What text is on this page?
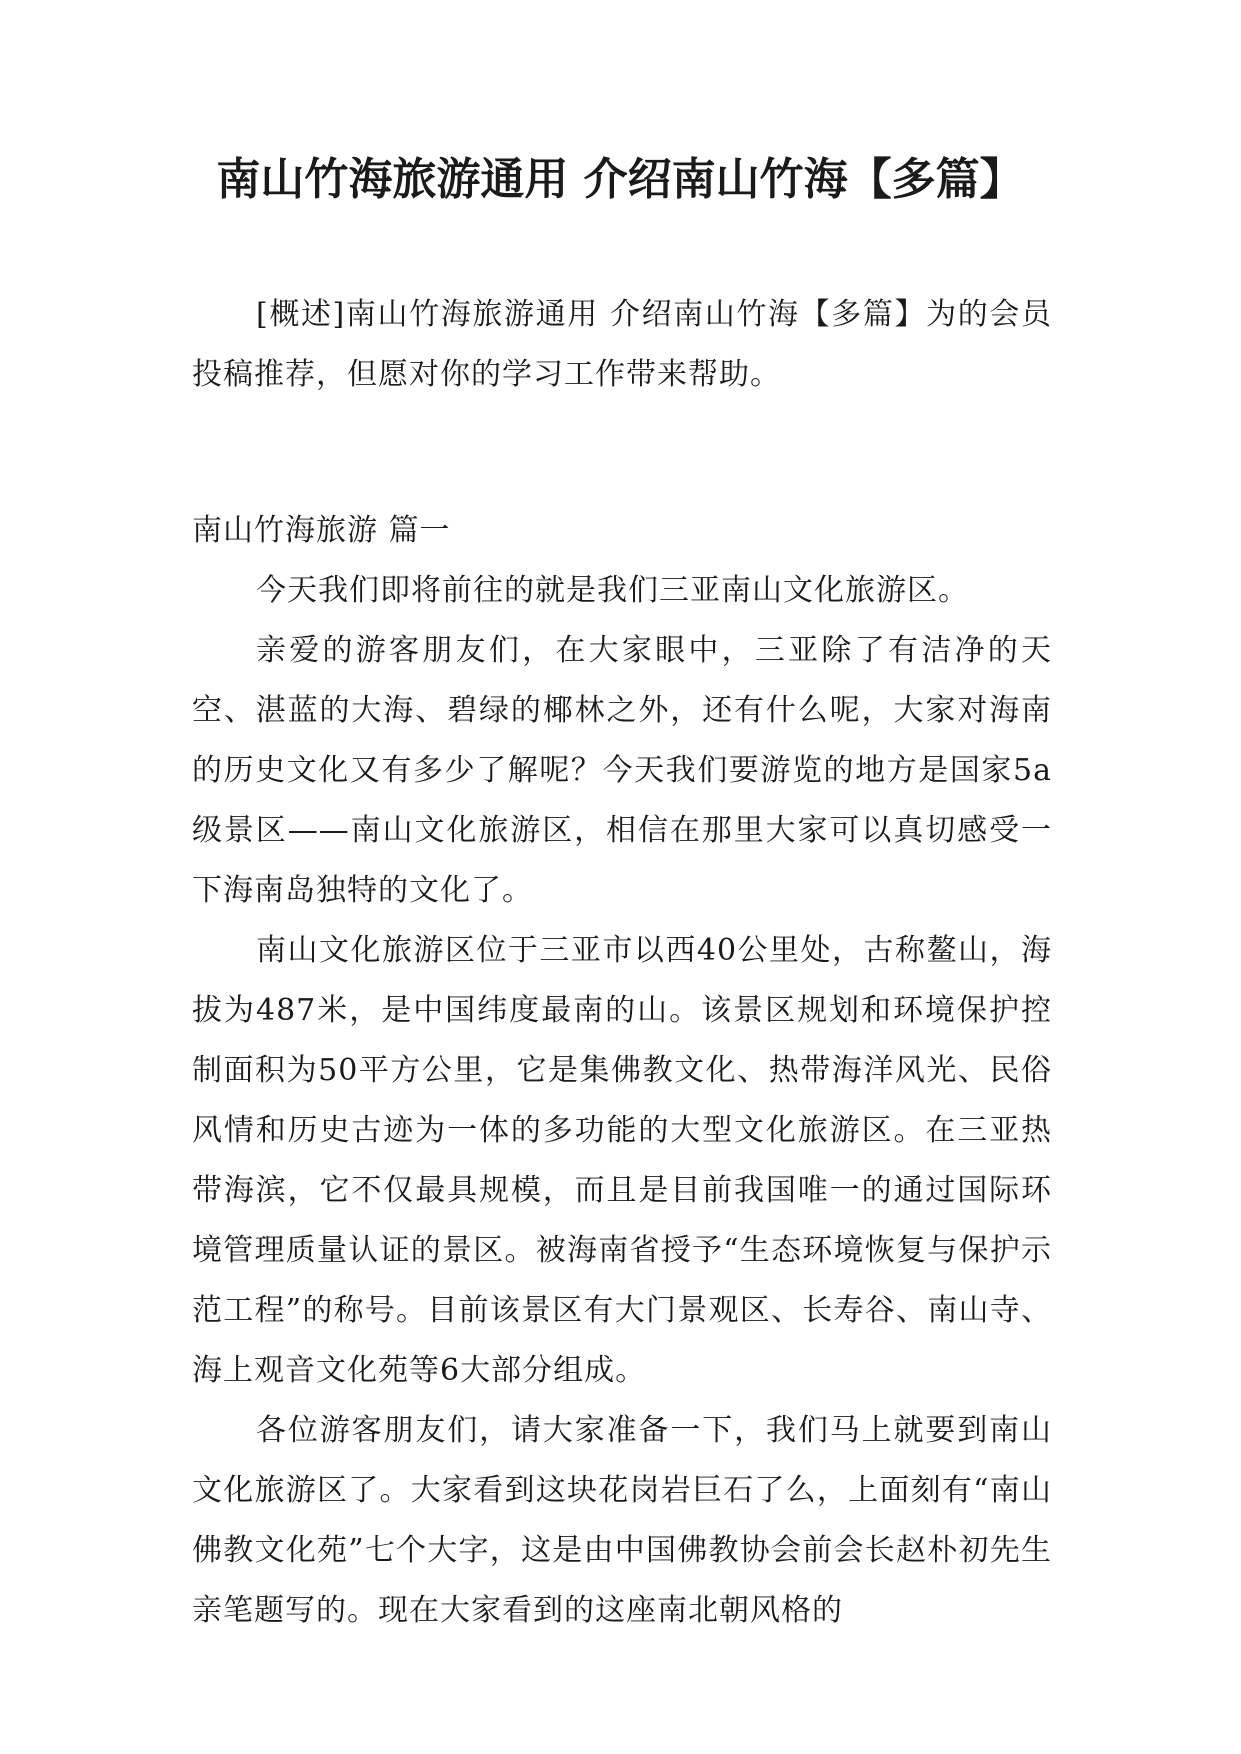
南山竹海旅游通用 介绍南山竹海【多篇】

[概述]南山竹海旅游通用 介绍南山竹海【多篇】为的会员投稿推荐，但愿对你的学习工作带来帮助。

南山竹海旅游 篇一

今天我们即将前往的就是我们三亚南山文化旅游区。

亲爱的游客朋友们，在大家眼中，三亚除了有洁净的天空、湛蓝的大海、碧绿的椰林之外，还有什么呢，大家对海南的历史文化又有多少了解呢？今天我们要游览的地方是国家5a级景区——南山文化旅游区，相信在那里大家可以真切感受一下海南岛独特的文化了。

南山文化旅游区位于三亚市以西40公里处，古称鳌山，海拔为487米，是中国纬度最南的山。该景区规划和环境保护控制面积为50平方公里，它是集佛教文化、热带海洋风光、民俗风情和历史古迹为一体的多功能的大型文化旅游区。在三亚热带海滨，它不仅最具规模，而且是目前我国唯一的通过国际环境管理质量认证的景区。被海南省授予“生态环境恢复与保护示范工程”的称号。目前该景区有大门景观区、长寿谷、南山寺、海上观音文化苑等6大部分组成。

各位游客朋友们，请大家准备一下，我们马上就要到南山文化旅游区了。大家看到这块花岗岩巨石了么，上面刻有“南山佛教文化苑”七个大字，这是由中国佛教协会前会长赵朴初先生亲笔题写的。现在大家看到的这座南北朝风格的
